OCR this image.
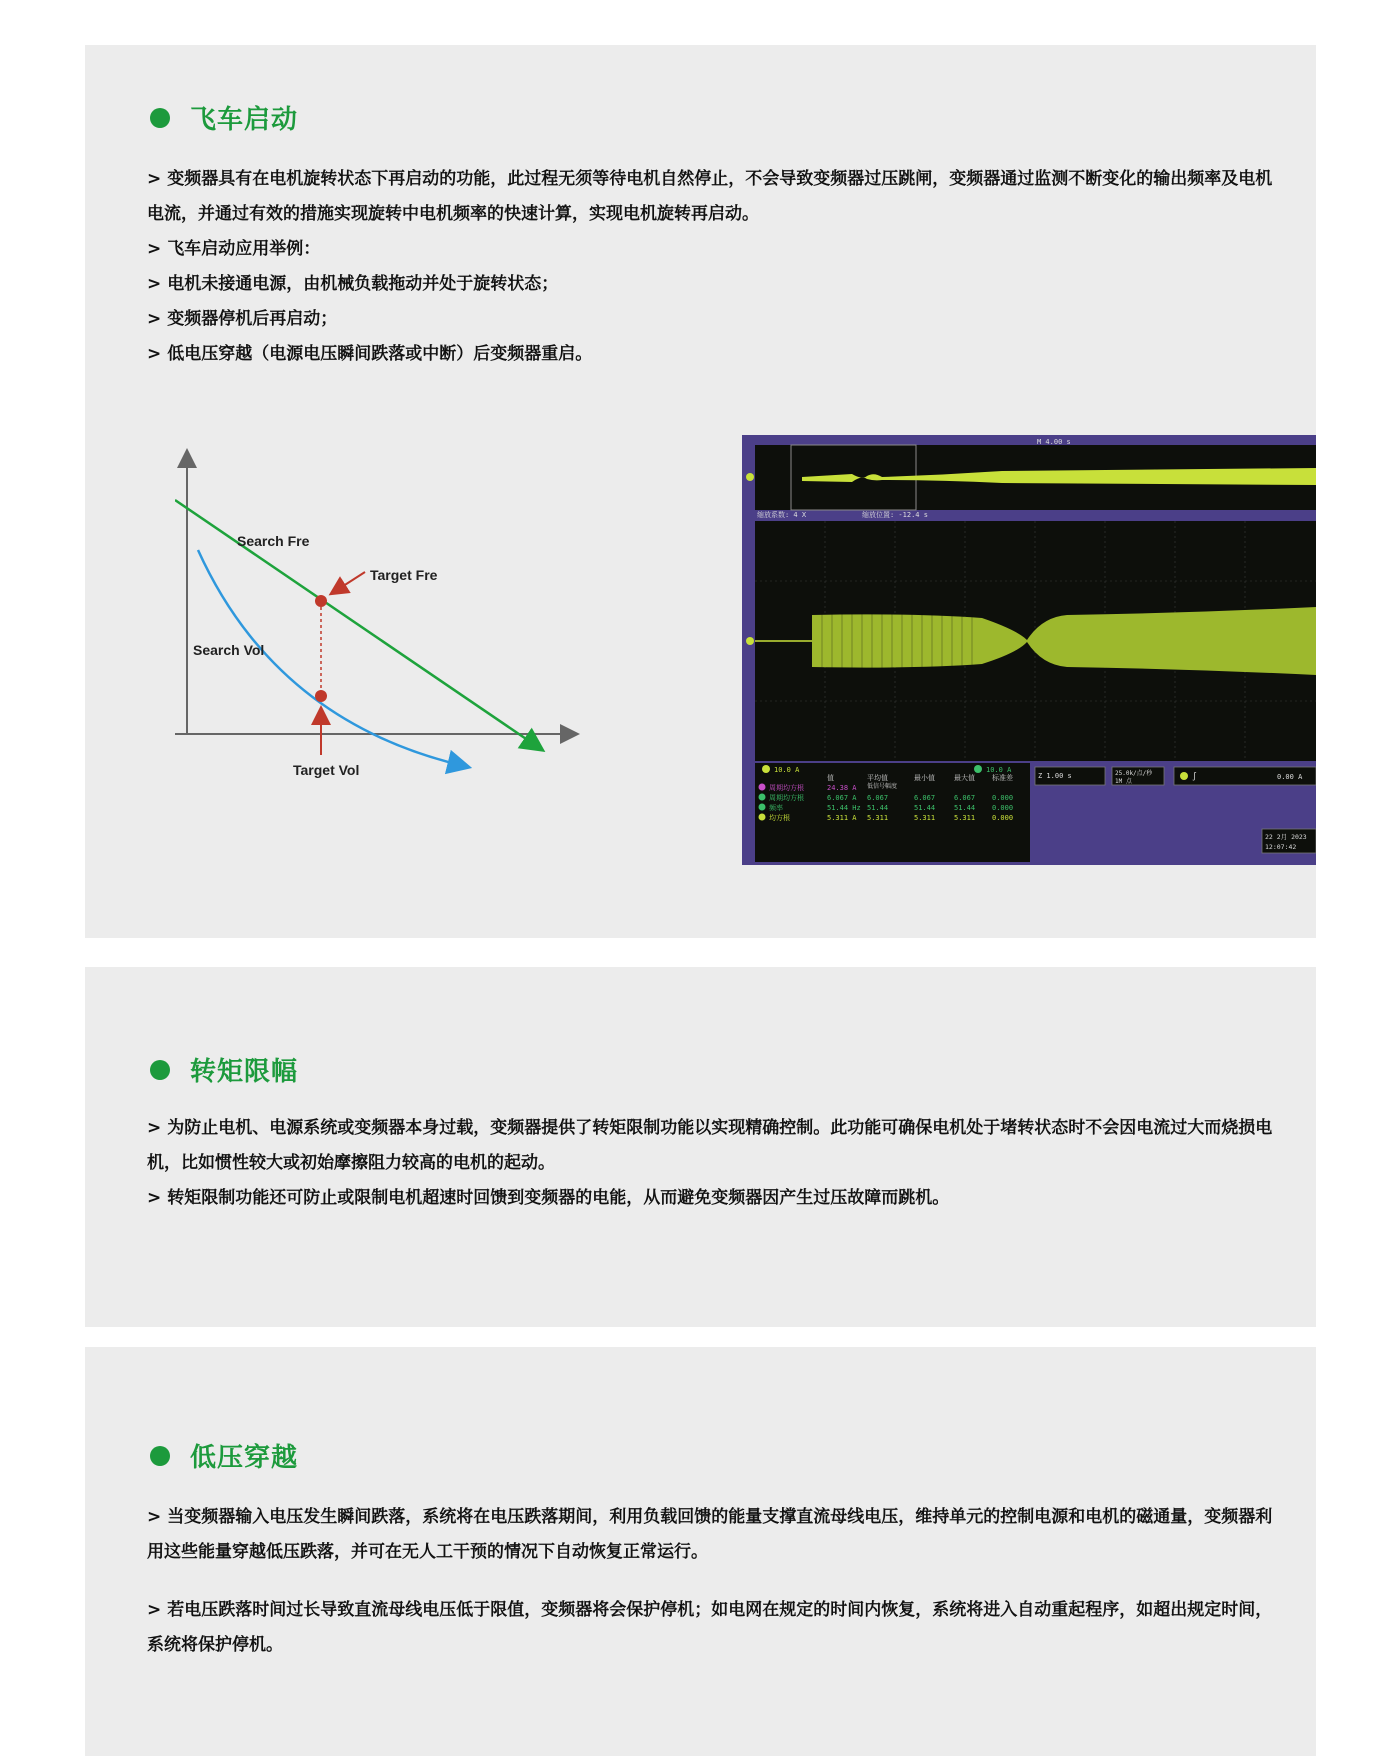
飞车启动

> 变频器具有在电机旋转状态下再启动的功能，此过程无须等待电机自然停止，不会导致变频器过压跳闸，变频器通过监测不断变化的输出频率及电机电流，并通过有效的措施实现旋转中电机频率的快速计算，实现电机旋转再启动。

> 飞车启动应用举例：

> 电机未接通电源，由机械负载拖动并处于旋转状态；

> 变频器停机后再启动；

> 低电压穿越（电源电压瞬间跌落或中断）后变频器重启。

Search Fre
Target Fre
Search Vol
Target Vol
M 4.00 s
缩放系数: 4 X	缩放位置: -12.4 s
10.0 A	10.0 A
值	平均值	最小值	最大值 标准差
低信号幅度
周期均方根	24.38 A
周期均方根	6.067 A 6.067	6.067	6.067 0.000
频率	51.44 Hz 51.44	51.44	51.44 0.000
均方根	5.311 A 5.311	5.311	5.311 0.000
Z 1.00 s	25.0k/点/秒
1M 点
∫	0.00 A
22 2月 2023
12:07:42
转矩限幅

> 为防止电机、电源系统或变频器本身过载，变频器提供了转矩限制功能以实现精确控制。此功能可确保电机处于堵转状态时不会因电流过大而烧损电机，比如惯性较大或初始摩擦阻力较高的电机的起动。

> 转矩限制功能还可防止或限制电机超速时回馈到变频器的电能，从而避免变频器因产生过压故障而跳机。

低压穿越

> 当变频器输入电压发生瞬间跌落，系统将在电压跌落期间，利用负载回馈的能量支撑直流母线电压，维持单元的控制电源和电机的磁通量，变频器利用这些能量穿越低压跌落，并可在无人工干预的情况下自动恢复正常运行。

> 若电压跌落时间过长导致直流母线电压低于限值，变频器将会保护停机；如电网在规定的时间内恢复，系统将进入自动重起程序，如超出规定时间，系统将保护停机。
